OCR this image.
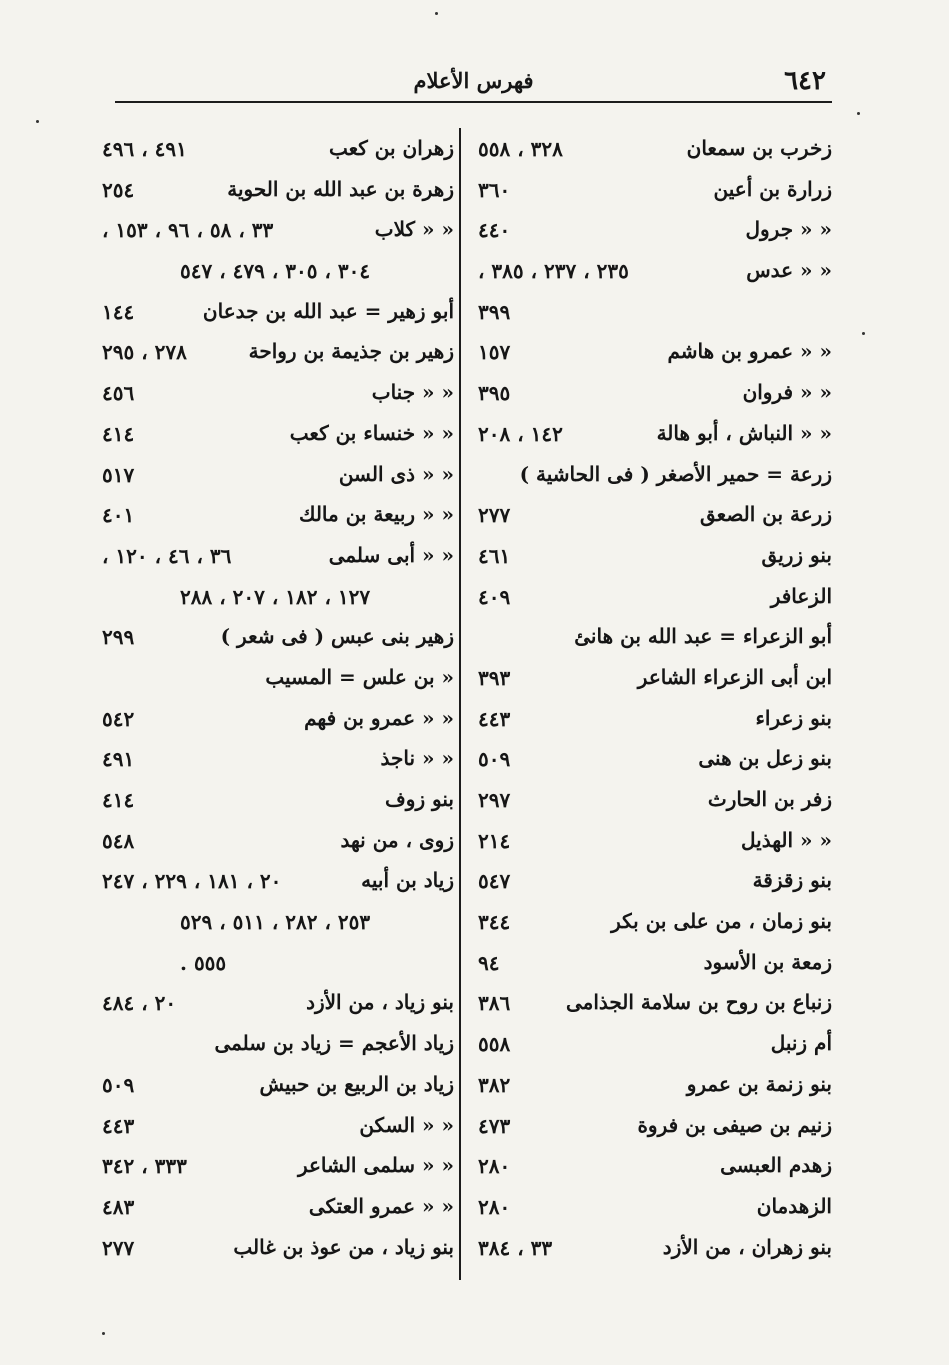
٦٤٢
فهرس الأعلام
زخرب بن سمعان
٣٢٨ ، ٥٥٨
زرارة بن أعين
٣٦٠
« « جرول
٤٤٠
« « عدس
٢٣٥ ، ٢٣٧ ، ٣٨٥ ،
٣٩٩
« « عمرو بن هاشم
١٥٧
« « فروان
٣٩٥
« « النباش ، أبو هالة
١٤٢ ، ٢٠٨
زرعة = حمير الأصغر ( فى الحاشية )
زرعة بن الصعق
٢٧٧
بنو زريق
٤٦١
الزعافر
٤٠٩
أبو الزعراء = عبد الله بن هانئ
ابن أبى الزعراء الشاعر
٣٩٣
بنو زعراء
٤٤٣
بنو زعل بن هنى
٥٠٩
زفر بن الحارث
٢٩٧
« « الهذيل
٢١٤
بنو زقزقة
٥٤٧
بنو زمان ، من على بن بكر
٣٤٤
زمعة بن الأسود
٩٤
زنباع بن روح بن سلامة الجذامى
٣٨٦
أم زنبل
٥٥٨
بنو زنمة بن عمرو
٣٨٢
زنيم بن صيفى بن فروة
٤٧٣
زهدم العبسى
٢٨٠
الزهدمان
٢٨٠
بنو زهران ، من الأزد
٣٣ ، ٣٨٤
زهران بن كعب
٤٩١ ، ٤٩٦
زهرة بن عبد الله بن الحوية
٢٥٤
« « كلاب
٣٣ ، ٥٨ ، ٩٦ ، ١٥٣ ،
٣٠٤ ، ٣٠٥ ، ٤٧٩ ، ٥٤٧
أبو زهير = عبد الله بن جدعان
١٤٤
زهير بن جذيمة بن رواحة
٢٧٨ ، ٢٩٥
« « جناب
٤٥٦
« « خنساء بن كعب
٤١٤
« « ذى السن
٥١٧
« « ربيعة بن مالك
٤٠١
« « أبى سلمى
٣٦ ، ٤٦ ، ١٢٠ ،
١٢٧ ، ١٨٢ ، ٢٠٧ ، ٢٨٨
زهير بنى عبس ( فى شعر )
٢٩٩
« بن علس = المسيب
« « عمرو بن فهم
٥٤٢
« « ناجذ
٤٩١
بنو زوف
٤١٤
زوى ، من نهد
٥٤٨
زياد بن أبيه
٢٠ ، ١٨١ ، ٢٢٩ ، ٢٤٧
٢٥٣ ، ٢٨٢ ، ٥١١ ، ٥٢٩
٥٥٥ .
بنو زياد ، من الأزد
٢٠ ، ٤٨٤
زياد الأعجم = زياد بن سلمى
زياد بن الربيع بن حبيش
٥٠٩
« « السكن
٤٤٣
« « سلمى الشاعر
٣٣٣ ، ٣٤٢
« « عمرو العتكى
٤٨٣
بنو زياد ، من عوذ بن غالب
٢٧٧
